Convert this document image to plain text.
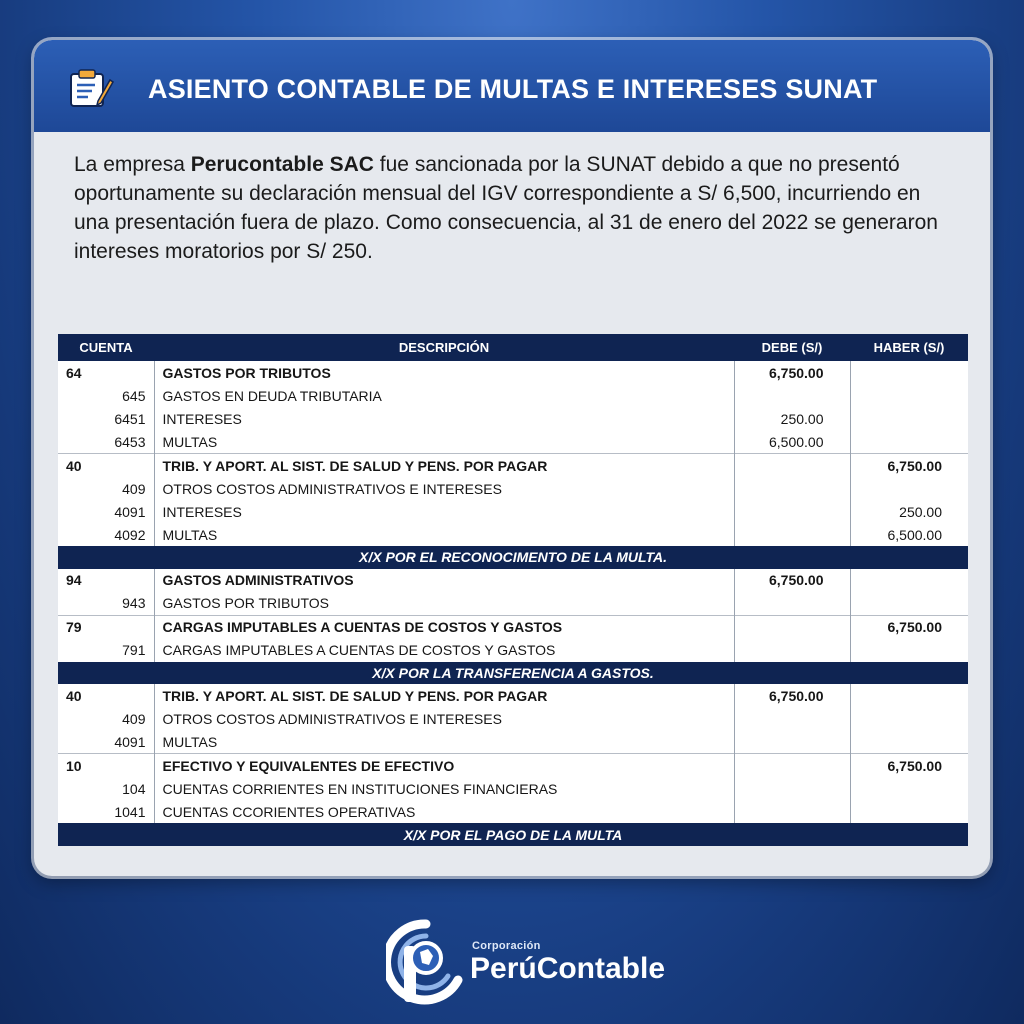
ASIENTO CONTABLE DE MULTAS E INTERESES SUNAT
La empresa Perucontable SAC fue sancionada por la SUNAT debido a que no presentó oportunamente su declaración mensual del IGV correspondiente a S/ 6,500, incurriendo en una presentación fuera de plazo. Como consecuencia, al 31 de enero del 2022 se generaron intereses moratorios por S/ 250.
CUENTA	DESCRIPCIÓN	DEBE (S/)	HABER (S/)
64	GASTOS POR TRIBUTOS	6,750.00	
645	GASTOS EN DEUDA TRIBUTARIA		
6451	INTERESES	250.00	
6453	MULTAS	6,500.00	
40	TRIB. Y APORT. AL SIST. DE SALUD Y PENS. POR PAGAR		6,750.00
409	OTROS COSTOS ADMINISTRATIVOS E INTERESES		
4091	INTERESES		250.00
4092	MULTAS		6,500.00
X/X POR EL RECONOCIMENTO DE LA MULTA.			
94	GASTOS ADMINISTRATIVOS	6,750.00	
943	GASTOS POR TRIBUTOS		
79	CARGAS IMPUTABLES A CUENTAS DE COSTOS Y GASTOS		6,750.00
791	CARGAS IMPUTABLES A CUENTAS DE COSTOS Y GASTOS		
X/X POR LA TRANSFERENCIA A GASTOS.			
40	TRIB. Y APORT. AL SIST. DE SALUD Y PENS. POR PAGAR	6,750.00	
409	OTROS COSTOS ADMINISTRATIVOS E INTERESES		
4091	MULTAS		
10	EFECTIVO Y EQUIVALENTES DE EFECTIVO		6,750.00
104	CUENTAS CORRIENTES EN INSTITUCIONES FINANCIERAS		
1041	CUENTAS CCORIENTES OPERATIVAS		
X/X POR EL PAGO DE LA MULTA			
Corporación
PerúContable
